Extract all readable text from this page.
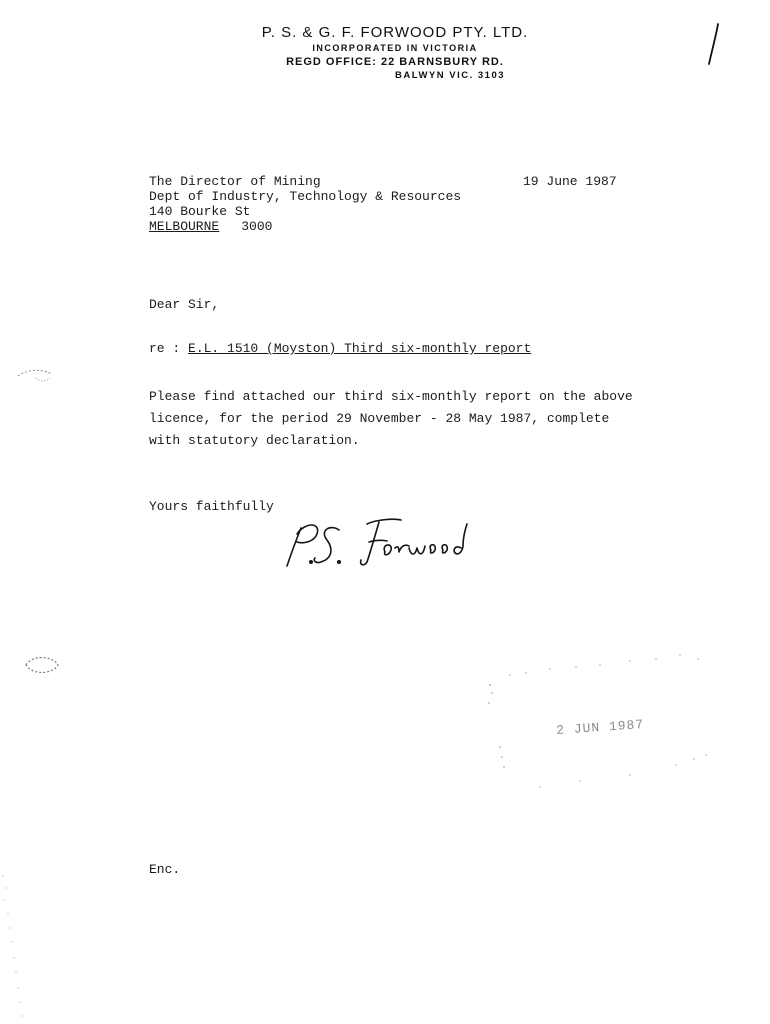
P. S. & G. F. FORWOOD PTY. LTD.
INCORPORATED IN VICTORIA
REGD OFFICE: 22 BARNSBURY RD.
BALWYN VIC. 3103
The Director of Mining
Dept of Industry, Technology & Resources
140 Bourke St
MELBOURNE 3000
19 June 1987
Dear Sir,
re : E.L. 1510 (Moyston) Third six-monthly report
Please find attached our third six-monthly report on the above
licence, for the period 29 November - 28 May 1987, complete
with statutory declaration.
Yours faithfully
2 JUN 1987
Enc.
